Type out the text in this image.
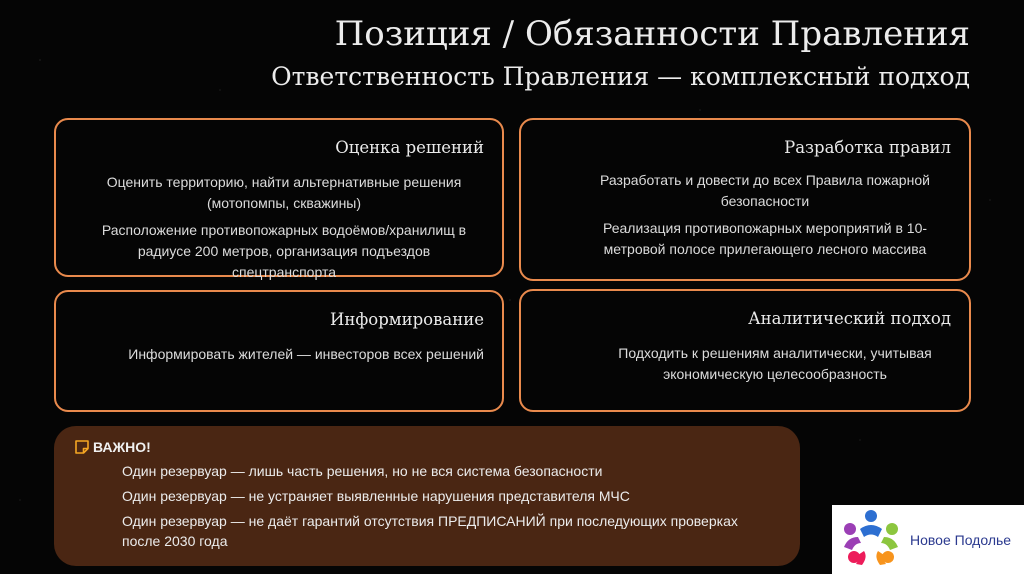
Позиция / Обязанности Правления
Ответственность Правления — комплексный подход
Оценка решений
Оценить территорию, найти альтернативные решения (мотопомпы, скважины)
Расположение противопожарных водоёмов/хранилищ в радиусе 200 метров, организация подъездов спецтранспорта
Разработка правил
Разработать и довести до всех Правила пожарной безопасности
Реализация противопожарных мероприятий в 10-метровой полосе прилегающего лесного массива
Информирование
Информировать жителей — инвесторов всех решений
Аналитический подход
Подходить к решениям аналитически, учитывая экономическую целесообразность
ВАЖНО!
Один резервуар — лишь часть решения, но не вся система безопасности
Один резервуар — не устраняет выявленные нарушения представителя МЧС
Один резервуар — не даёт гарантий отсутствия ПРЕДПИСАНИЙ при последующих проверках после 2030 года	Новое Подолье
